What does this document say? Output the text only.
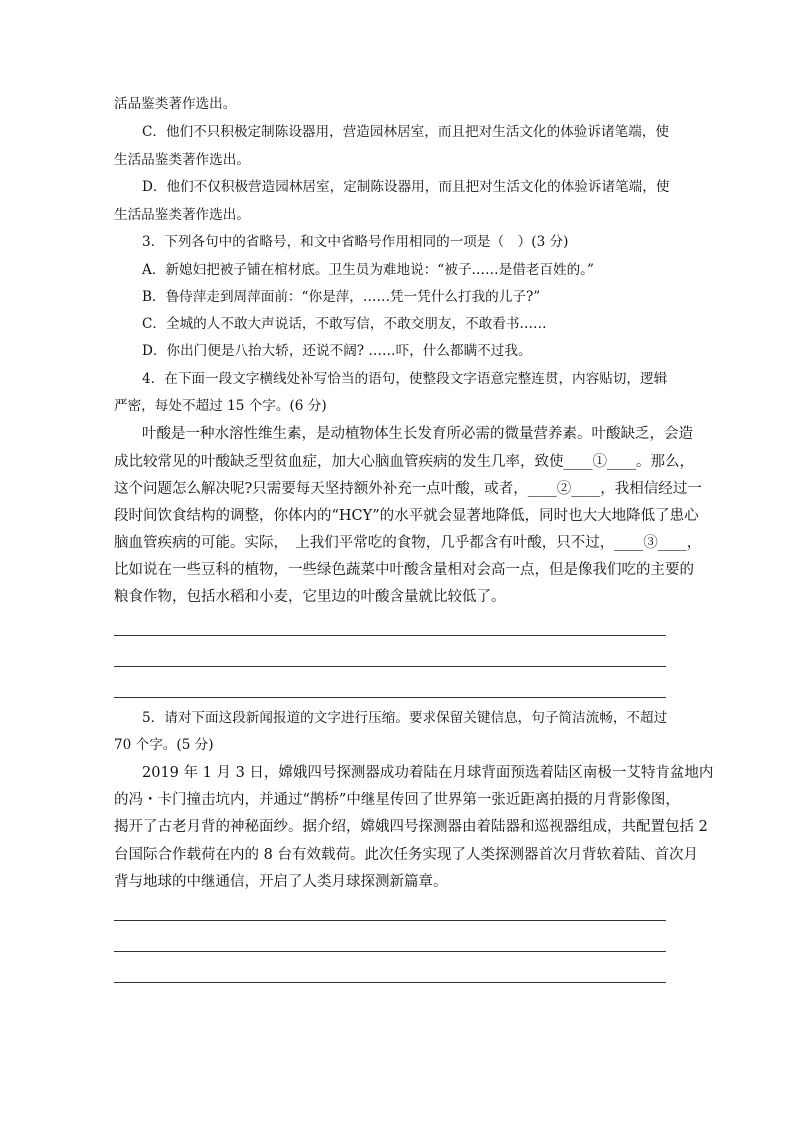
活品鉴类著作选出。
C．他们不只积极定制陈设器用，营造园林居室，而且把对生活文化的体验诉诸笔端，使
生活品鉴类著作选出。
D．他们不仅积极营造园林居室，定制陈设器用，而且把对生活文化的体验诉诸笔端，使
生活品鉴类著作选出。
3．下列各句中的省略号，和文中省略号作用相同的一项是（　）(3 分)
A．新媳妇把被子铺在棺材底。卫生员为难地说：“被子……是借老百姓的。”
B．鲁侍萍走到周萍面前：“你是萍，……凭一凭什么打我的儿子?”
C．全城的人不敢大声说话，不敢写信，不敢交朋友，不敢看书……
D．你出门便是八抬大轿，还说不阔? ……吓，什么都瞒不过我。
4．在下面一段文字横线处补写恰当的语句，使整段文字语意完整连贯，内容贴切，逻辑
严密，每处不超过 15 个字。(6 分)
叶酸是一种水溶性维生素，是动植物体生长发育所必需的微量营养素。叶酸缺乏，会造
成比较常见的叶酸缺乏型贫血症，加大心脑血管疾病的发生几率，致使____①____。那么，
这个问题怎么解决呢?只需要每天坚持额外补充一点叶酸，或者，____②____，我相信经过一
段时间饮食结构的调整，你体内的“HCY”的水平就会显著地降低，同时也大大地降低了患心
脑血管疾病的可能。实际，　上我们平常吃的食物，几乎都含有叶酸，只不过，____③____，
比如说在一些豆科的植物，一些绿色蔬菜中叶酸含量相对会高一点，但是像我们吃的主要的
粮食作物，包括水稻和小麦，它里边的叶酸含量就比较低了。
5．请对下面这段新闻报道的文字进行压缩。要求保留关键信息，句子简洁流畅，不超过
70 个字。(5 分)
2019 年 1 月 3 日，嫦娥四号探测器成功着陆在月球背面预选着陆区南极一艾特肯盆地内
的冯・卡门撞击坑内，并通过“鹊桥”中继星传回了世界第一张近距离拍摄的月背影像图，
揭开了古老月背的神秘面纱。据介绍，嫦娥四号探测器由着陆器和巡视器组成，共配置包括 2
台国际合作载荷在内的 8 台有效载荷。此次任务实现了人类探测器首次月背软着陆、首次月
背与地球的中继通信，开启了人类月球探测新篇章。
